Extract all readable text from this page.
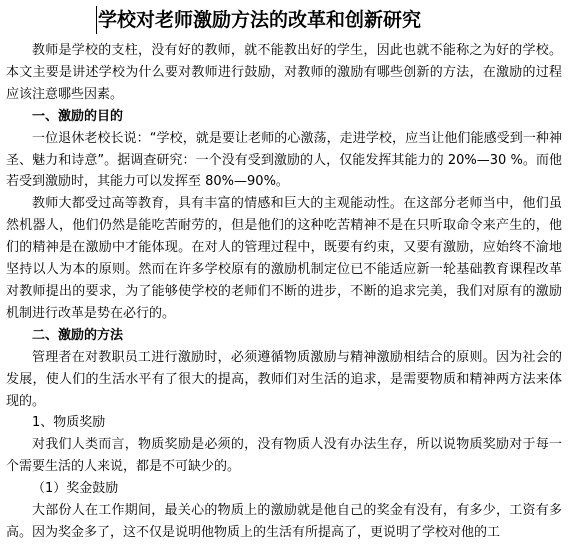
学校对老师激励方法的改革和创新研究

教师是学校的支柱，没有好的教师，就不能教出好的学生，因此也就不能称之为好的学校。本文主要是讲述学校为什么要对教师进行鼓励，对教师的激励有哪些创新的方法，在激励的过程应该注意哪些因素。

一、激励的目的

一位退休老校长说：“学校，就是要让老师的心激荡，走进学校，应当让他们能感受到一种神圣、魅力和诗意”。据调查研究：一个没有受到激励的人，仅能发挥其能力的 20%—30 %。而他若受到激励时，其能力可以发挥至 80%—90%。

教师大都受过高等教育，具有丰富的情感和巨大的主观能动性。在这部分老师当中，他们虽然机器人，他们仍然是能吃苦耐劳的，但是他们的这种吃苦精神不是在只听取命令来产生的，他们的精神是在激励中才能体现。在对人的管理过程中，既要有约束，又要有激励，应始终不渝地坚持以人为本的原则。然而在许多学校原有的激励机制定位已不能适应新一轮基础教育课程改革对教师提出的要求，为了能够使学校的老师们不断的进步，不断的追求完美，我们对原有的激励机制进行改革是势在必行的。

二、激励的方法

管理者在对教职员工进行激励时，必须遵循物质激励与精神激励相结合的原则。因为社会的发展，使人们的生活水平有了很大的提高，教师们对生活的追求，是需要物质和精神两方法来体现的。

1、物质奖励

对我们人类而言，物质奖励是必须的，没有物质人没有办法生存，所以说物质奖励对于每一个需要生活的人来说，都是不可缺少的。

（1）奖金鼓励

大部份人在工作期间，最关心的物质上的激励就是他自己的奖金有没有，有多少，工资有多高。因为奖金多了，这不仅是说明他物质上的生活有所提高了，更说明了学校对他的工
